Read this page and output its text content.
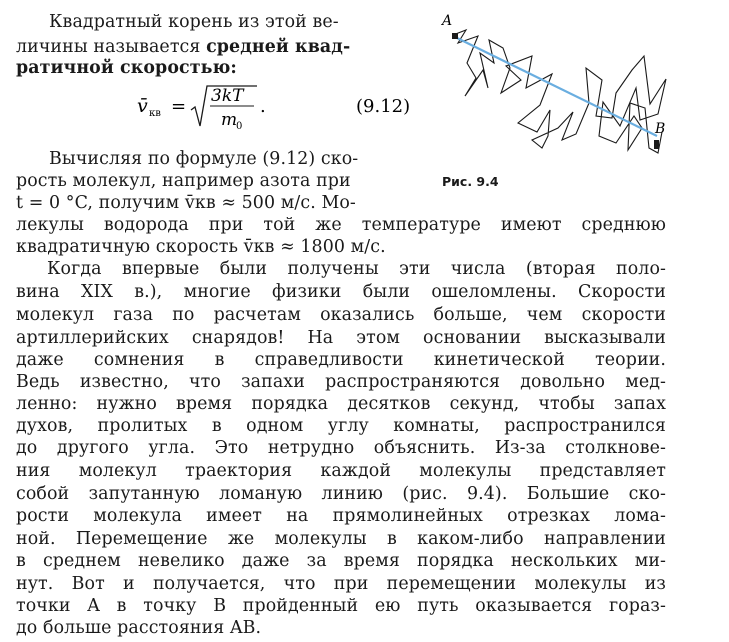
Квадратный корень из этой ве-
личины называется средней квад-
ратичной скоростью:
v̄ кв = 3kT
m
0
.	(9.12)
Вычисляя по формуле (9.12) ско-
рость молекул, например азота при
t = 0 °C, получим v̄кв ≈ 500 м/с. Мо-
лекулы водорода при той же температуре имеют среднюю
квадратичную скорость v̄кв ≈ 1800 м/с.
Когда впервые были получены эти числа (вторая поло-
вина XIX в.), многие физики были ошеломлены. Скорости
молекул газа по расчетам оказались больше, чем скорости
артиллерийских снарядов! На этом основании высказывали
даже сомнения в справедливости кинетической теории.
Ведь известно, что запахи распространяются довольно мед-
ленно: нужно время порядка десятков секунд, чтобы запах
духов, пролитых в одном углу комнаты, распространился
до другого угла. Это нетрудно объяснить. Из-за столкнове-
ния молекул траектория каждой молекулы представляет
собой запутанную ломаную линию (рис. 9.4). Большие ско-
рости молекула имеет на прямолинейных отрезках лома-
ной. Перемещение же молекулы в каком-либо направлении
в среднем невелико даже за время порядка нескольких ми-
нут. Вот и получается, что при перемещении молекулы из
точки A в точку B пройденный ею путь оказывается гораз-
до больше расстояния AB.
A
B
Рис. 9.4
